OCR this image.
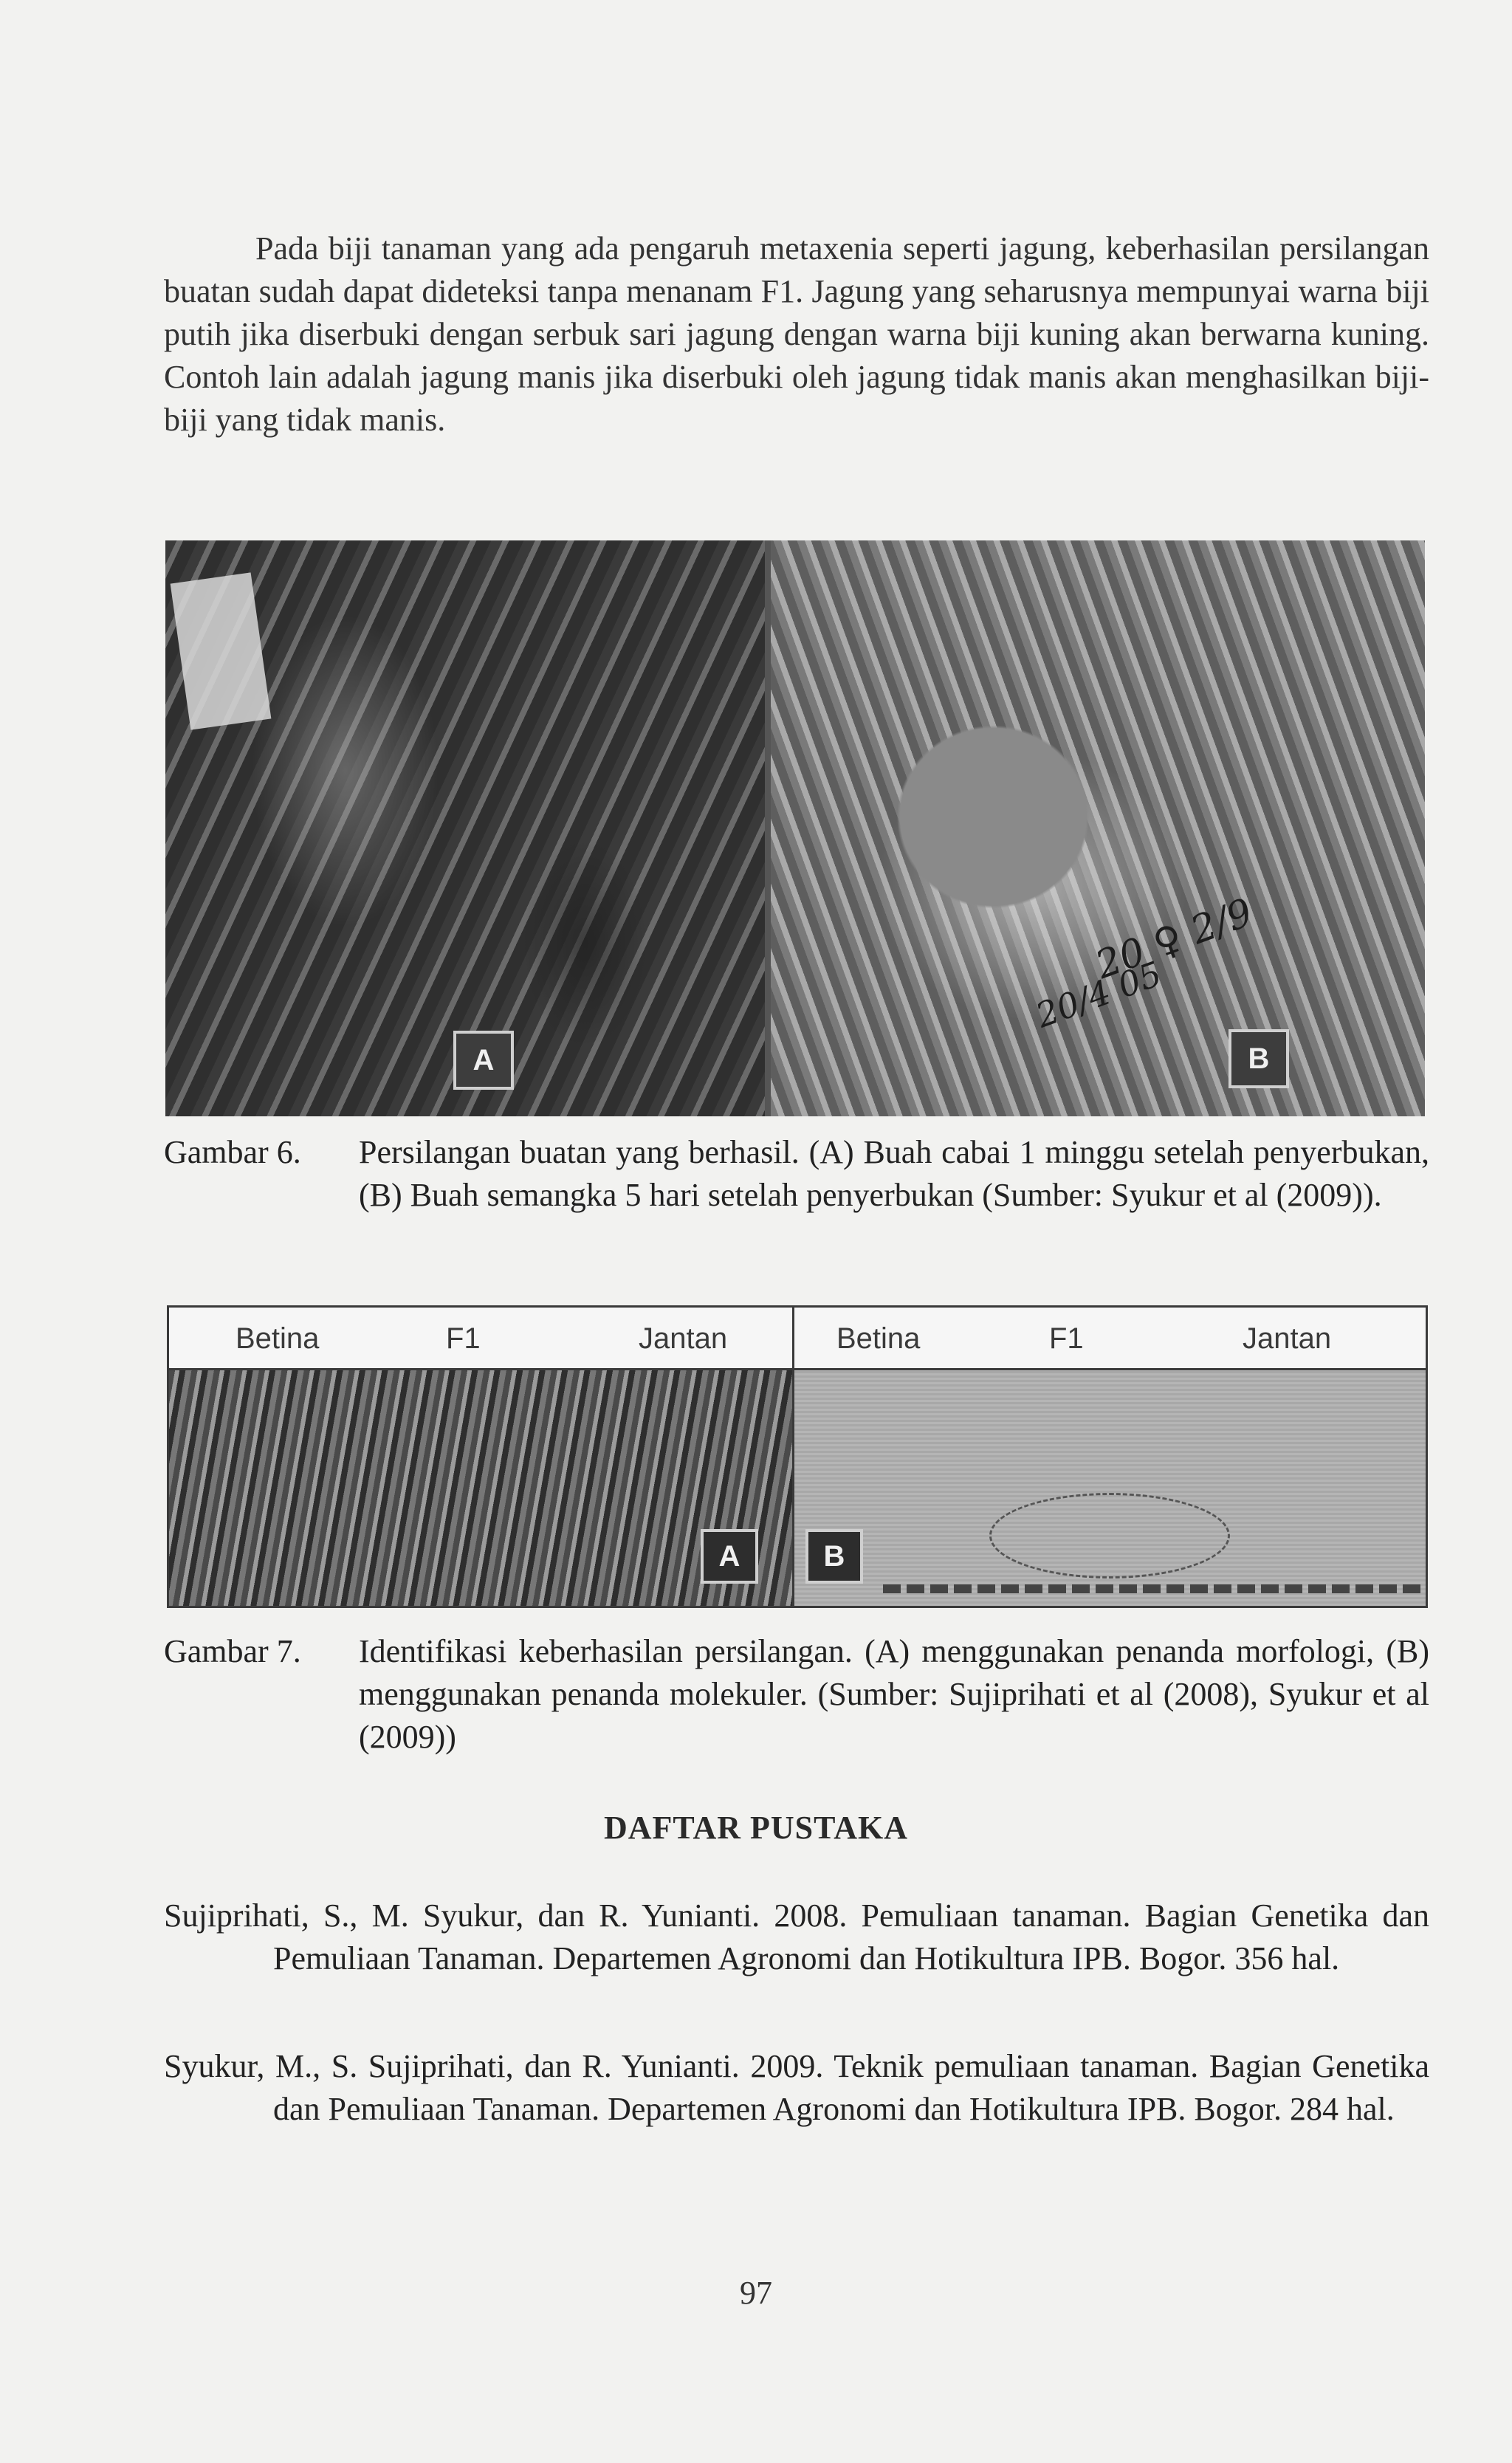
Pada biji tanaman yang ada pengaruh metaxenia seperti jagung, keberhasilan persilangan buatan sudah dapat dideteksi tanpa menanam F1. Jagung yang seharusnya mempunyai warna biji putih jika diserbuki dengan serbuk sari jagung dengan warna biji kuning akan berwarna kuning. Contoh lain adalah jagung manis jika diserbuki oleh jagung tidak manis akan menghasilkan biji-biji yang tidak manis.

A	B
20 ♀ 2/9
20/4 05
Gambar 6. Persilangan buatan yang berhasil. (A) Buah cabai 1 minggu setelah penyerbukan, (B) Buah semangka 5 hari setelah penyerbukan (Sumber: Syukur et al (2009)).
Betina	F1	Jantan	Betina	F1	Jantan
A	B
Gambar 7. Identifikasi keberhasilan persilangan. (A) menggunakan penanda morfologi, (B) menggunakan penanda molekuler. (Sumber: Sujiprihati et al (2008), Syukur et al (2009))
DAFTAR PUSTAKA
Sujiprihati, S., M. Syukur, dan R. Yunianti. 2008. Pemuliaan tanaman. Bagian Genetika dan Pemuliaan Tanaman. Departemen Agronomi dan Hotikultura IPB. Bogor. 356 hal.
Syukur, M., S. Sujiprihati, dan R. Yunianti. 2009. Teknik pemuliaan tanaman. Bagian Genetika dan Pemuliaan Tanaman. Departemen Agronomi dan Hotikultura IPB. Bogor. 284 hal.
97
